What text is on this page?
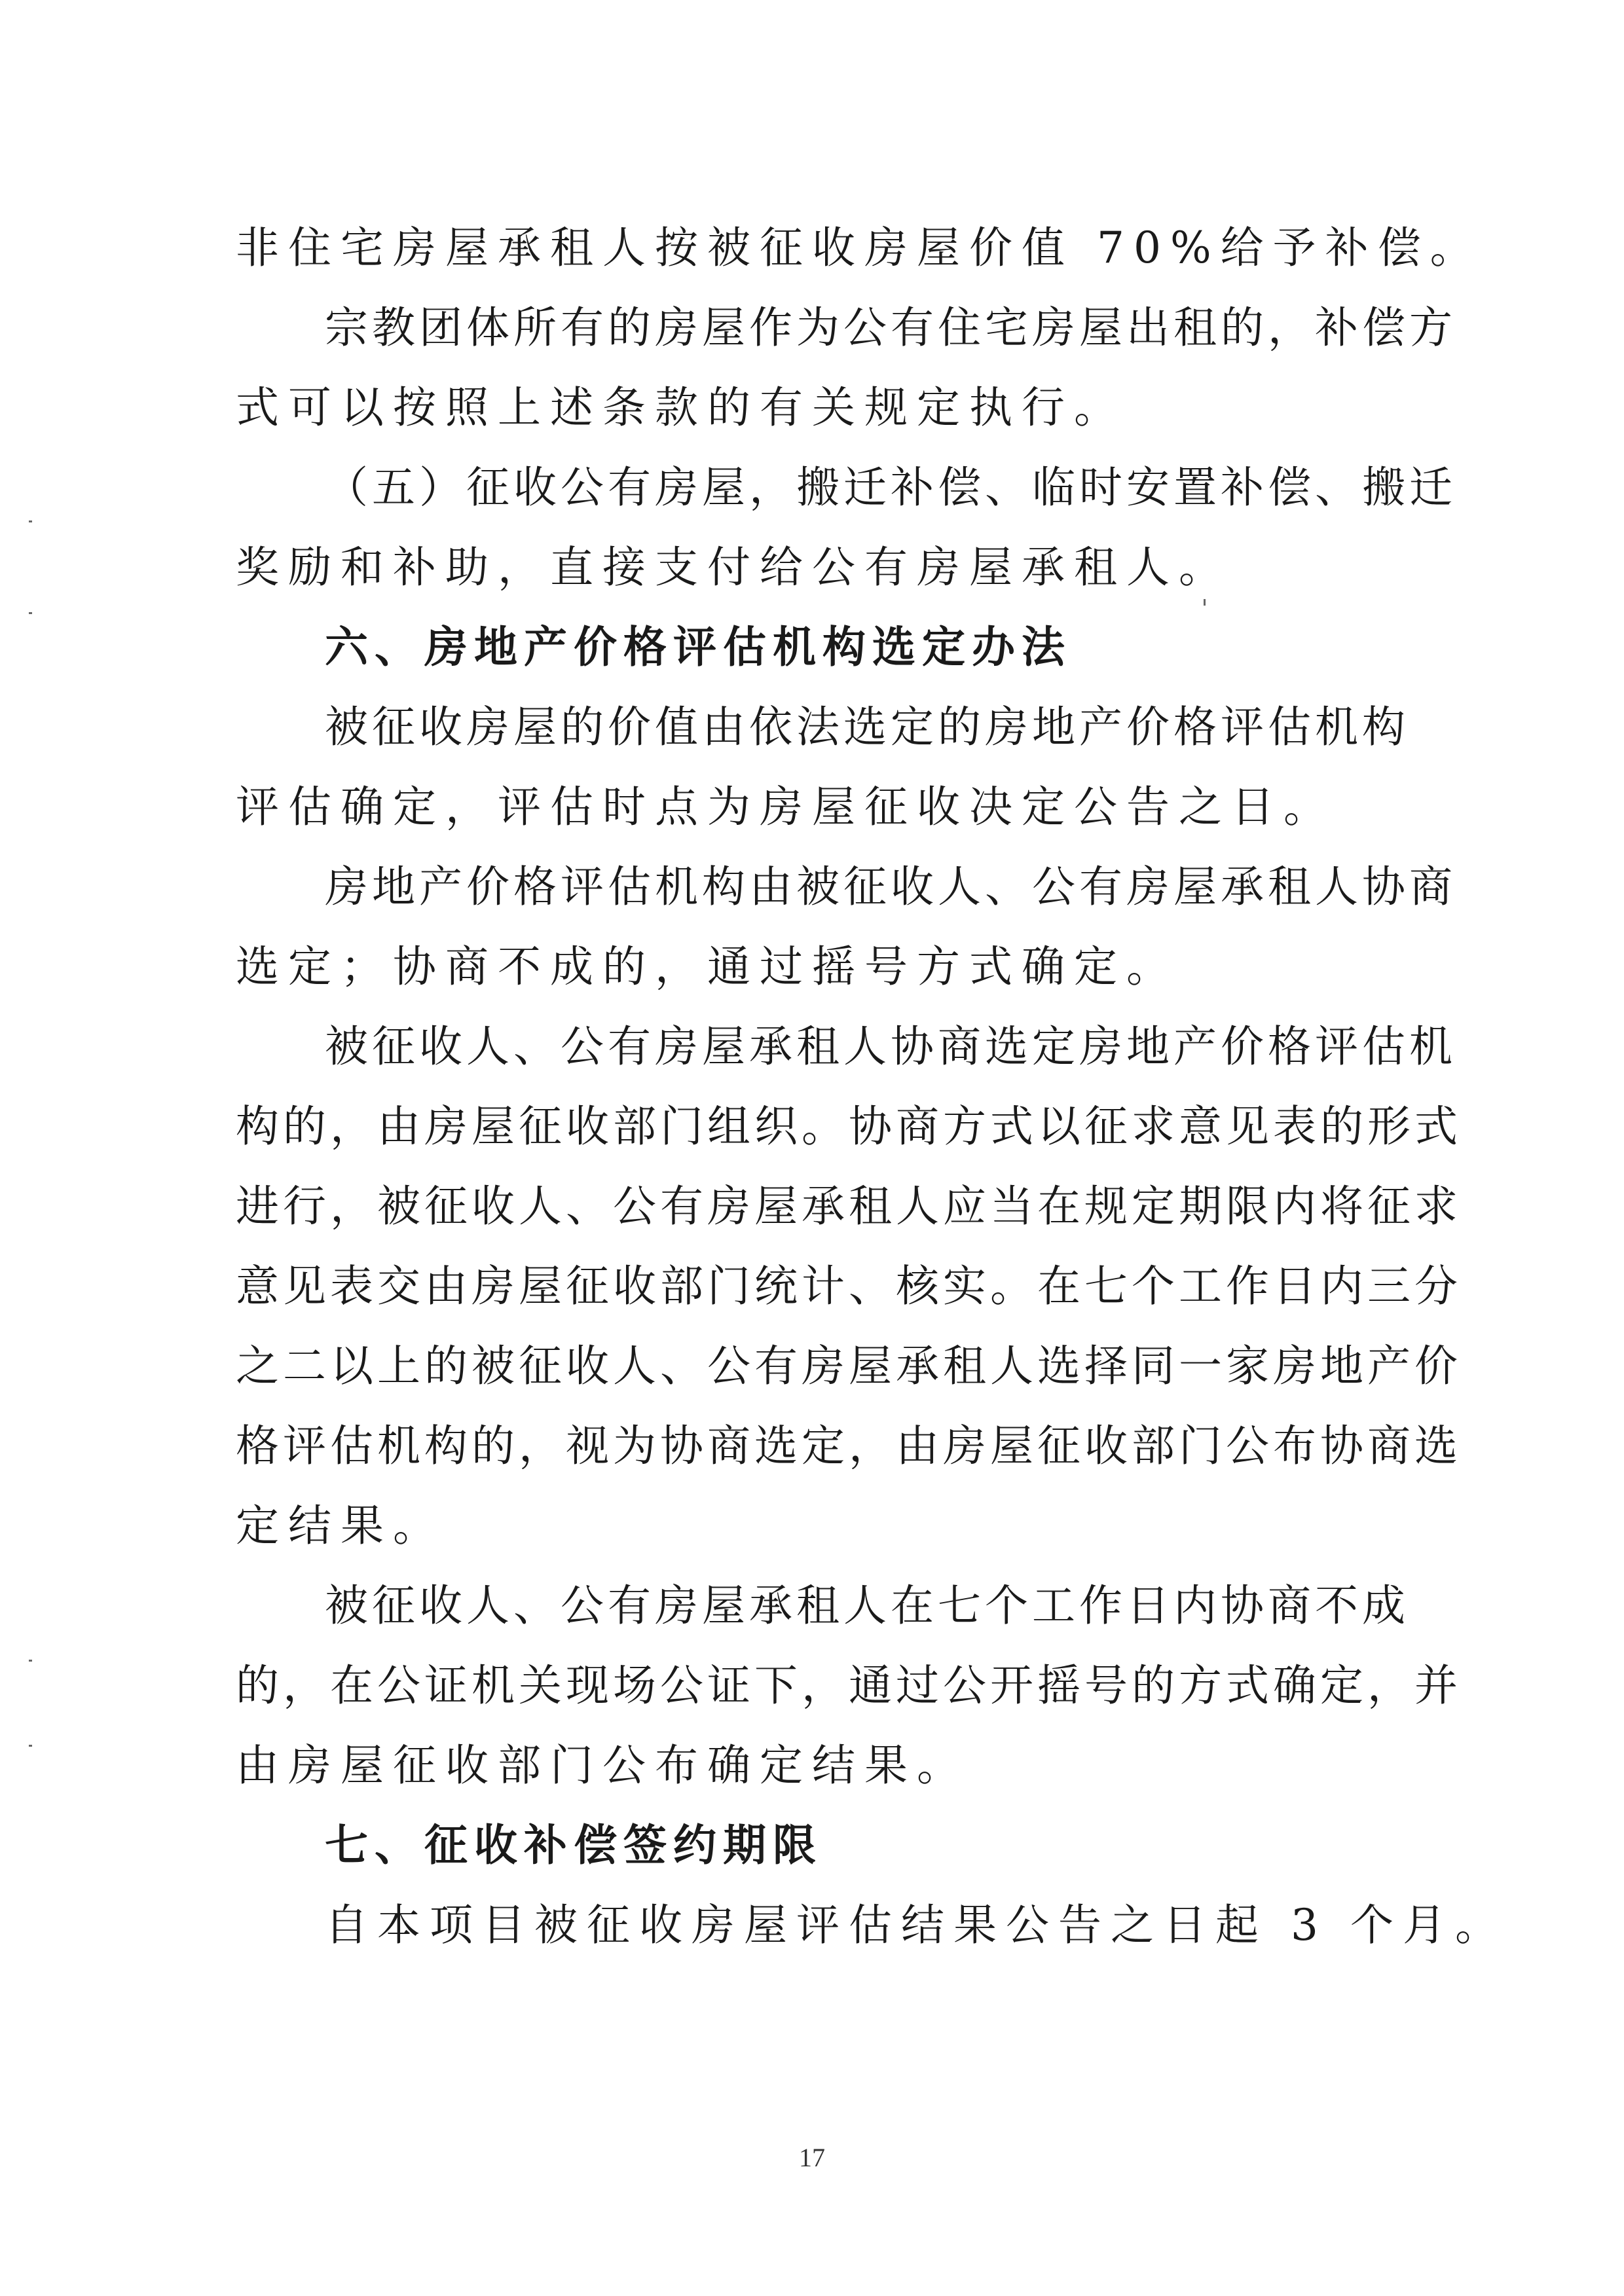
非住宅房屋承租人按被征收房屋价值 70%给予补偿。
宗教团体所有的房屋作为公有住宅房屋出租的，补偿方
式可以按照上述条款的有关规定执行。
（五）征收公有房屋，搬迁补偿、临时安置补偿、搬迁
奖励和补助，直接支付给公有房屋承租人。
六、房地产价格评估机构选定办法
被征收房屋的价值由依法选定的房地产价格评估机构
评估确定，评估时点为房屋征收决定公告之日。
房地产价格评估机构由被征收人、公有房屋承租人协商
选定；协商不成的，通过摇号方式确定。
被征收人、公有房屋承租人协商选定房地产价格评估机
构的，由房屋征收部门组织。协商方式以征求意见表的形式
进行，被征收人、公有房屋承租人应当在规定期限内将征求
意见表交由房屋征收部门统计、核实。在七个工作日内三分
之二以上的被征收人、公有房屋承租人选择同一家房地产价
格评估机构的，视为协商选定，由房屋征收部门公布协商选
定结果。
被征收人、公有房屋承租人在七个工作日内协商不成
的，在公证机关现场公证下，通过公开摇号的方式确定，并
由房屋征收部门公布确定结果。
七、征收补偿签约期限
自本项目被征收房屋评估结果公告之日起 3 个月。
17
